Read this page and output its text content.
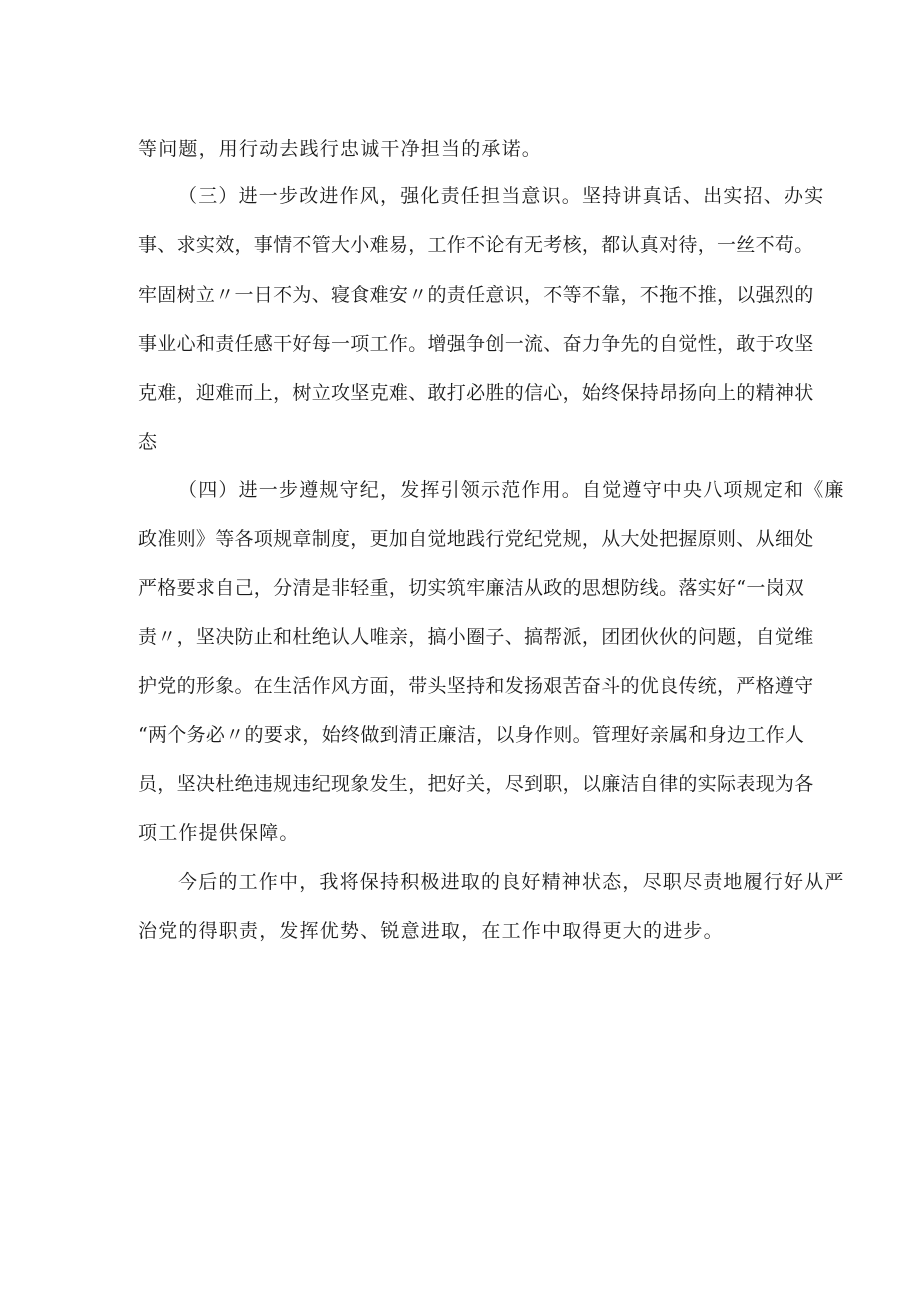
等问题，用行动去践行忠诚干净担当的承诺。
（三）进一步改进作风，强化责任担当意识。坚持讲真话、出实招、办实
事、求实效，事情不管大小难易，工作不论有无考核，都认真对待，一丝不苟。
牢固树立〃一日不为、寝食难安〃的责任意识，不等不靠，不拖不推，以强烈的
事业心和责任感干好每一项工作。增强争创一流、奋力争先的自觉性，敢于攻坚
克难，迎难而上，树立攻坚克难、敢打必胜的信心，始终保持昂扬向上的精神状
态
（四）进一步遵规守纪，发挥引领示范作用。自觉遵守中央八项规定和《廉
政准则》等各项规章制度，更加自觉地践行党纪党规，从大处把握原则、从细处
严格要求自己，分清是非轻重，切实筑牢廉洁从政的思想防线。落实好“一岗双
责〃，坚决防止和杜绝认人唯亲，搞小圈子、搞帮派，团团伙伙的问题，自觉维
护党的形象。在生活作风方面，带头坚持和发扬艰苦奋斗的优良传统，严格遵守
“两个务必〃的要求，始终做到清正廉洁，以身作则。管理好亲属和身边工作人
员，坚决杜绝违规违纪现象发生，把好关，尽到职，以廉洁自律的实际表现为各
项工作提供保障。
今后的工作中，我将保持积极进取的良好精神状态，尽职尽责地履行好从严
治党的得职责，发挥优势、锐意进取，在工作中取得更大的进步。
